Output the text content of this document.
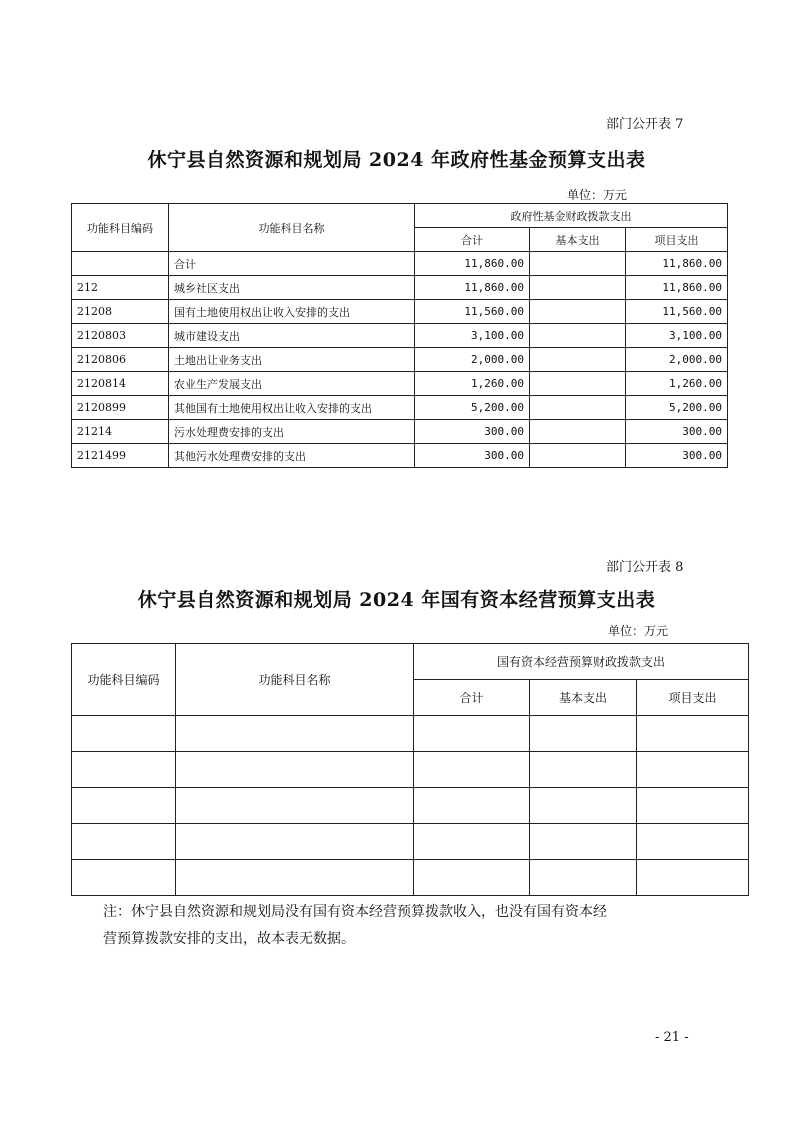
部门公开表 7
休宁县自然资源和规划局 2024 年政府性基金预算支出表
单位：万元
功能科目编码	功能科目名称	政府性基金财政拨款支出		
		合计	基本支出	项目支出
	合计	11,860.00		11,860.00
212	城乡社区支出	11,860.00		11,860.00
21208	国有土地使用权出让收入安排的支出	11,560.00		11,560.00
2120803	城市建设支出	3,100.00		3,100.00
2120806	土地出让业务支出	2,000.00		2,000.00
2120814	农业生产发展支出	1,260.00		1,260.00
2120899	其他国有土地使用权出让收入安排的支出	5,200.00		5,200.00
21214	污水处理费安排的支出	300.00		300.00
2121499	其他污水处理费安排的支出	300.00		300.00
部门公开表 8
休宁县自然资源和规划局 2024 年国有资本经营预算支出表
单位：万元
功能科目编码	功能科目名称	国有资本经营预算财政拨款支出		
		合计	基本支出	项目支出

注：休宁县自然资源和规划局没有国有资本经营预算拨款收入，也没有国有资本经
营预算拨款安排的支出，故本表无数据。
- 21 -
